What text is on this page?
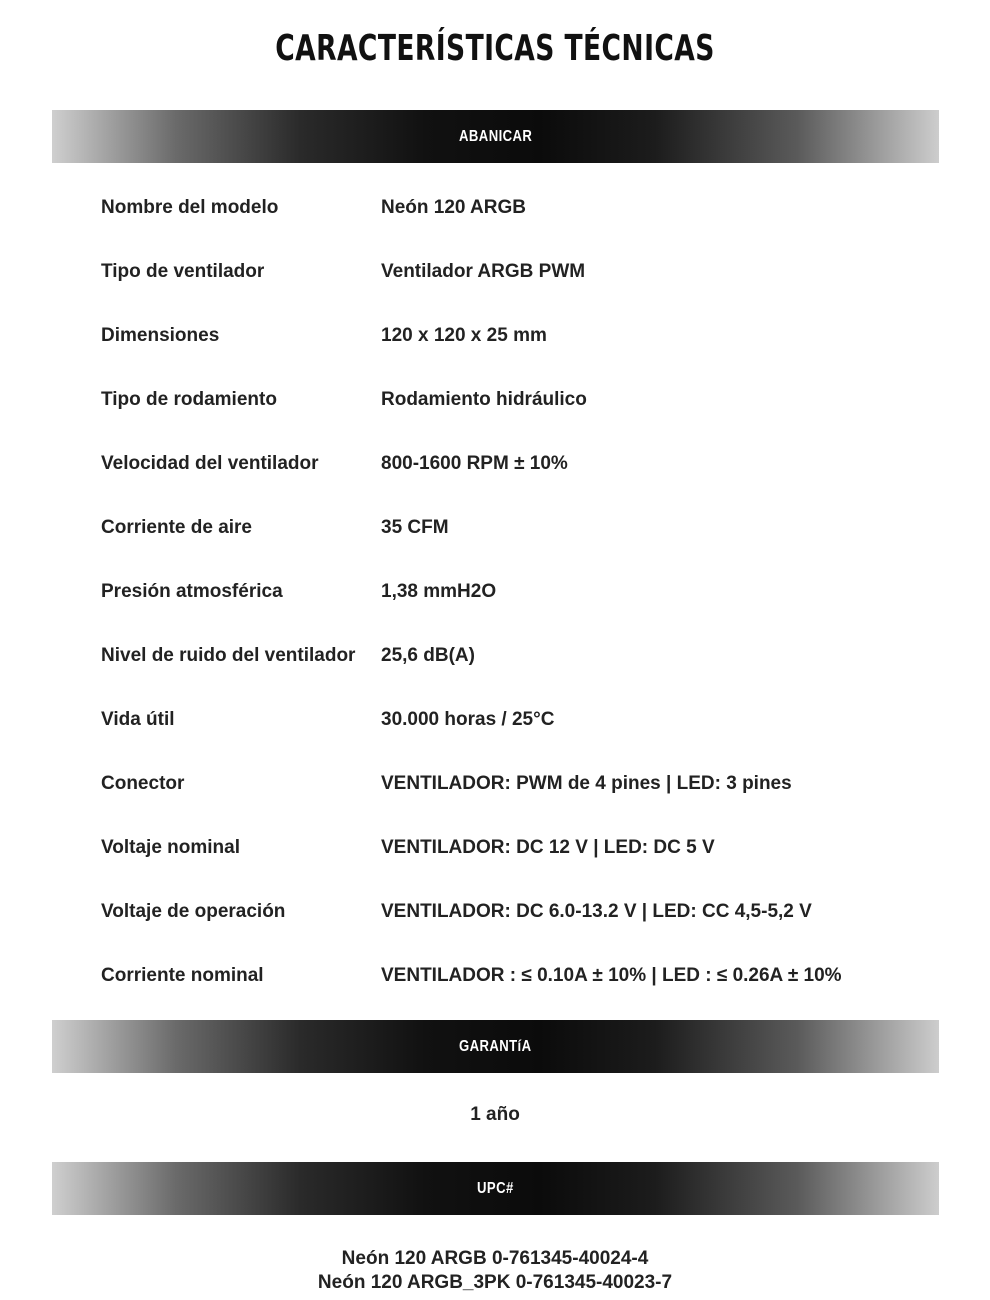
CARACTERÍSTICAS TÉCNICAS
ABANICAR
Nombre del modelo	Neón 120 ARGB
Tipo de ventilador	Ventilador ARGB PWM
Dimensiones	120 x 120 x 25 mm
Tipo de rodamiento	Rodamiento hidráulico
Velocidad del ventilador	800-1600 RPM ± 10%
Corriente de aire	35 CFM
Presión atmosférica	1,38 mmH2O
Nivel de ruido del ventilador	25,6 dB(A)
Vida útil	30.000 horas / 25°C
Conector	VENTILADOR: PWM de 4 pines | LED: 3 pines
Voltaje nominal	VENTILADOR: DC 12 V | LED: DC 5 V
Voltaje de operación	VENTILADOR: DC 6.0-13.2 V | LED: CC 4,5-5,2 V
Corriente nominal	VENTILADOR : ≤ 0.10A ± 10% | LED : ≤ 0.26A ± 10%
GARANTíA
1 año
UPC#
Neón 120 ARGB 0-761345-40024-4
Neón 120 ARGB_3PK 0-761345-40023-7
